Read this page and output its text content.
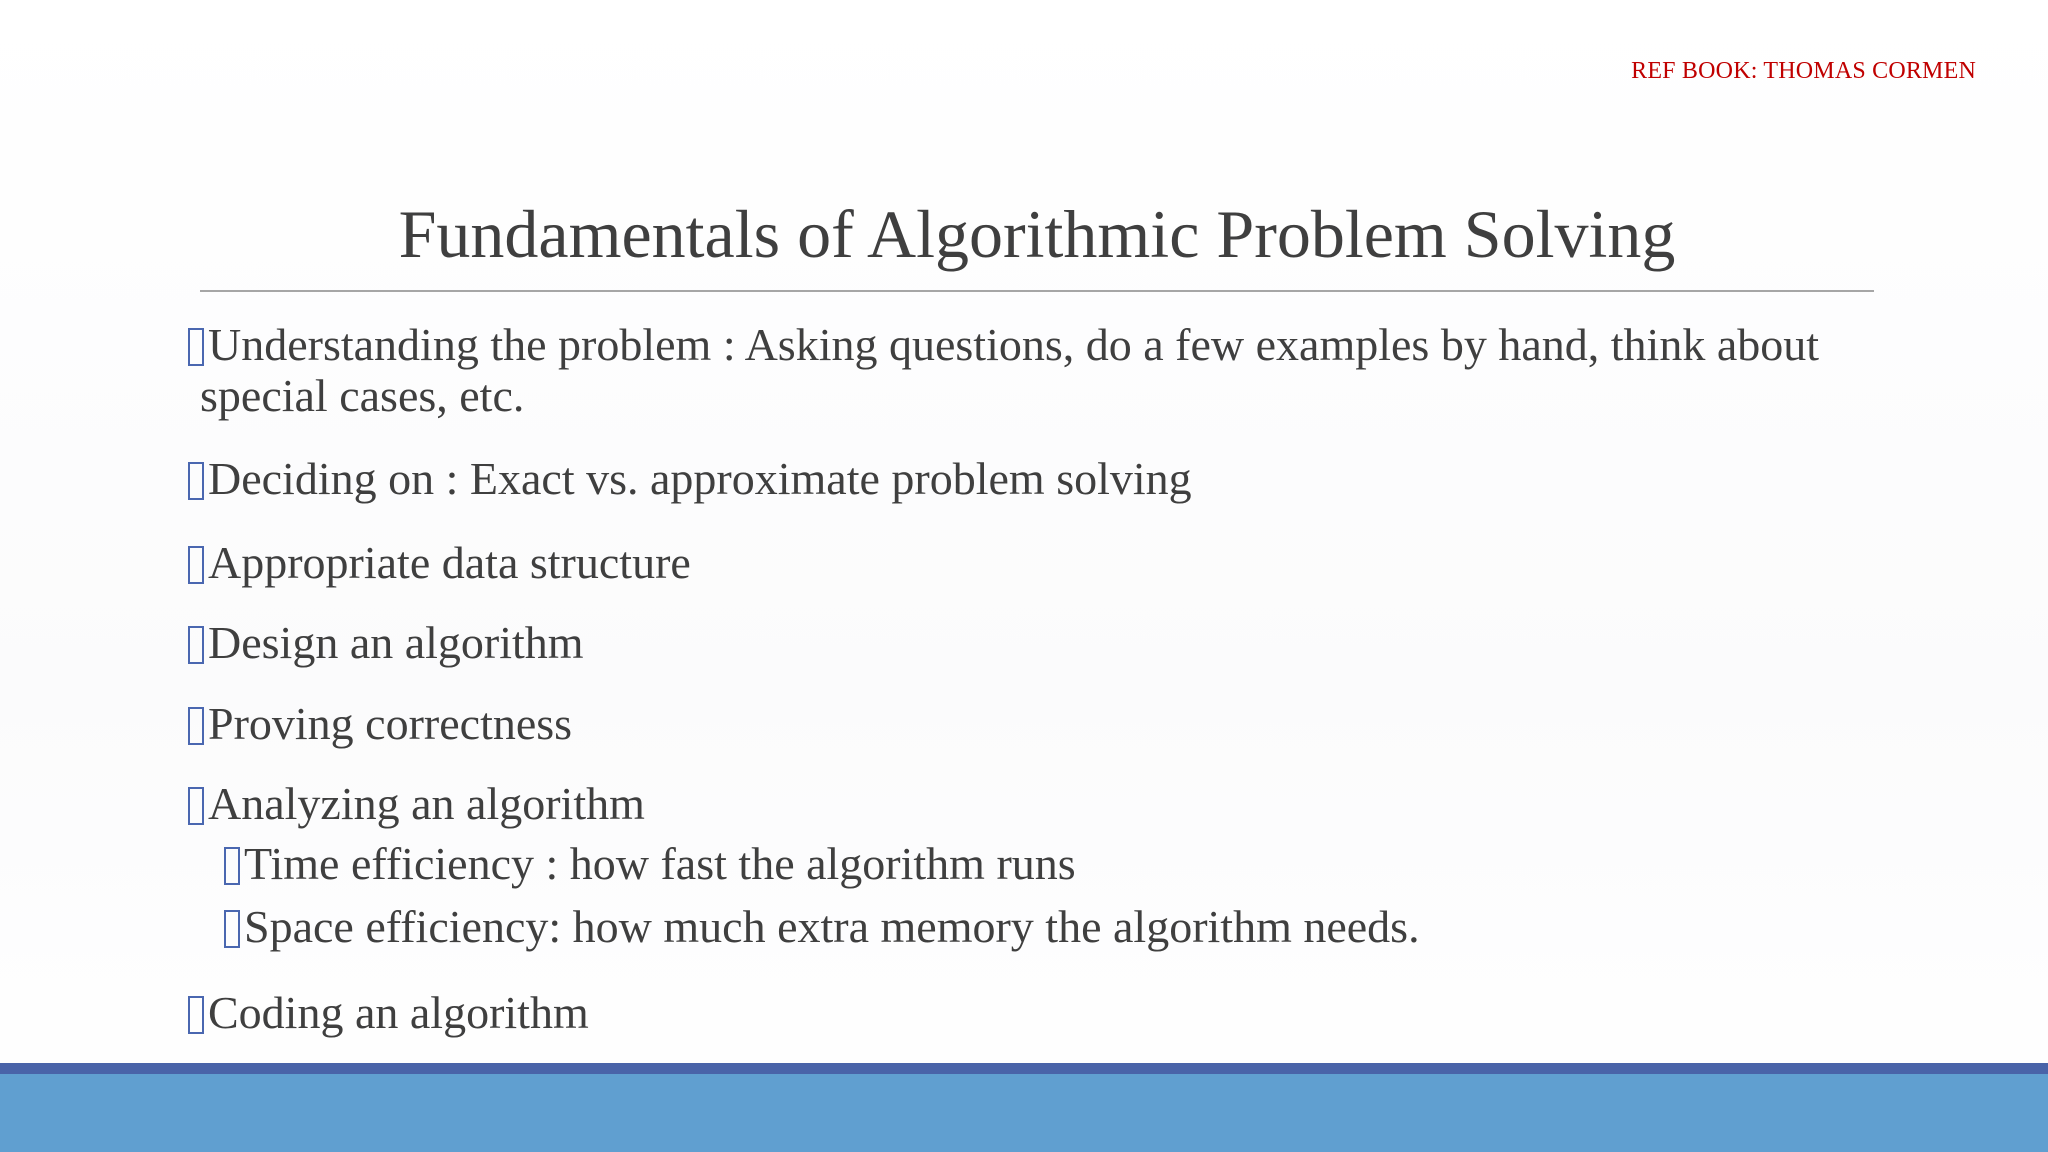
REF BOOK: THOMAS CORMEN
Fundamentals of Algorithmic Problem Solving
Understanding the problem : Asking questions, do a few examples by hand, think about
special cases, etc.
Deciding on : Exact vs. approximate problem solving
Appropriate data structure
Design an algorithm
Proving correctness
Analyzing an algorithm
Time efficiency : how fast the algorithm runs
Space efficiency: how much extra memory the algorithm needs.
Coding an algorithm
